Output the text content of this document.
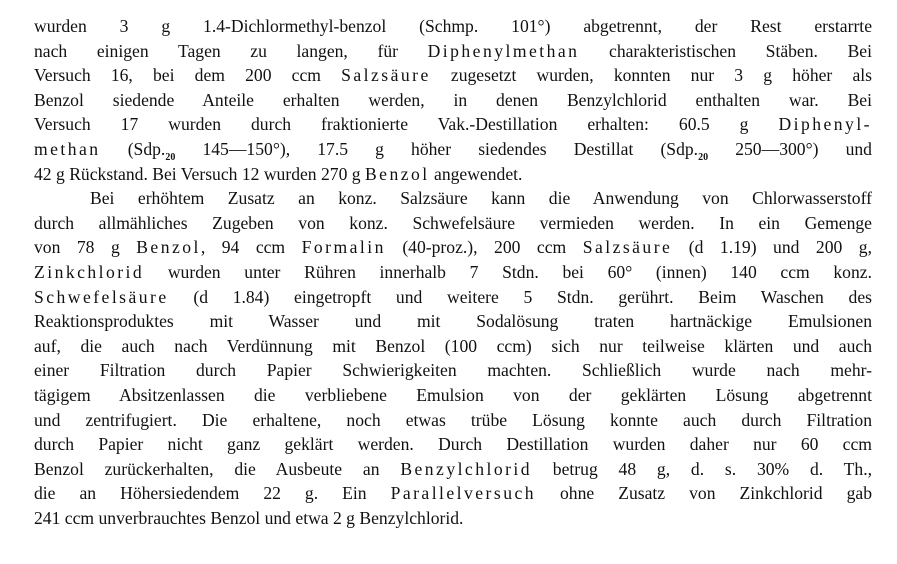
wurden 3 g 1.4-Dichlormethyl-benzol (Schmp. 101°) abgetrennt, der Rest erstarrte
nach einigen Tagen zu langen, für Diphenylmethan charakteristischen Stäben. Bei
Versuch 16, bei dem 200 ccm Salzsäure zugesetzt wurden, konnten nur 3 g höher als
Benzol siedende Anteile erhalten werden, in denen Benzylchlorid enthalten war. Bei
Versuch 17 wurden durch fraktionierte Vak.-Destillation erhalten: 60.5 g Diphenyl-
methan ($Sdp._{20}$ 145—150°), 17.5 g höher siedendes Destillat ($Sdp._{20}$ 250—300°) und
42 g Rückstand. Bei Versuch 12 wurden 270 g Benzol angewendet.
Bei erhöhtem Zusatz an konz. Salzsäure kann die Anwendung von Chlorwasserstoff
durch allmähliches Zugeben von konz. Schwefelsäure vermieden werden. In ein Gemenge
von 78 g Benzol, 94 ccm Formalin (40-proz.), 200 ccm Salzsäure (d 1.19) und 200 g,
Zinkchlorid wurden unter Rühren innerhalb 7 Stdn. bei 60° (innen) 140 ccm konz.
Schwefelsäure (d 1.84) eingetropft und weitere 5 Stdn. gerührt. Beim Waschen des
Reaktionsproduktes mit Wasser und mit Sodalösung traten hartnäckige Emulsionen
auf, die auch nach Verdünnung mit Benzol (100 ccm) sich nur teilweise klärten und auch
einer Filtration durch Papier Schwierigkeiten machten. Schließlich wurde nach mehr-
tägigem Absitzenlassen die verbliebene Emulsion von der geklärten Lösung abgetrennt
und zentrifugiert. Die erhaltene, noch etwas trübe Lösung konnte auch durch Filtration
durch Papier nicht ganz geklärt werden. Durch Destillation wurden daher nur 60 ccm
Benzol zurückerhalten, die Ausbeute an Benzylchlorid betrug 48 g, d. s. 30% d. Th.,
die an Höhersiedendem 22 g. Ein Parallelversuch ohne Zusatz von Zinkchlorid gab
241 ccm unverbrauchtes Benzol und etwa 2 g Benzylchlorid.
